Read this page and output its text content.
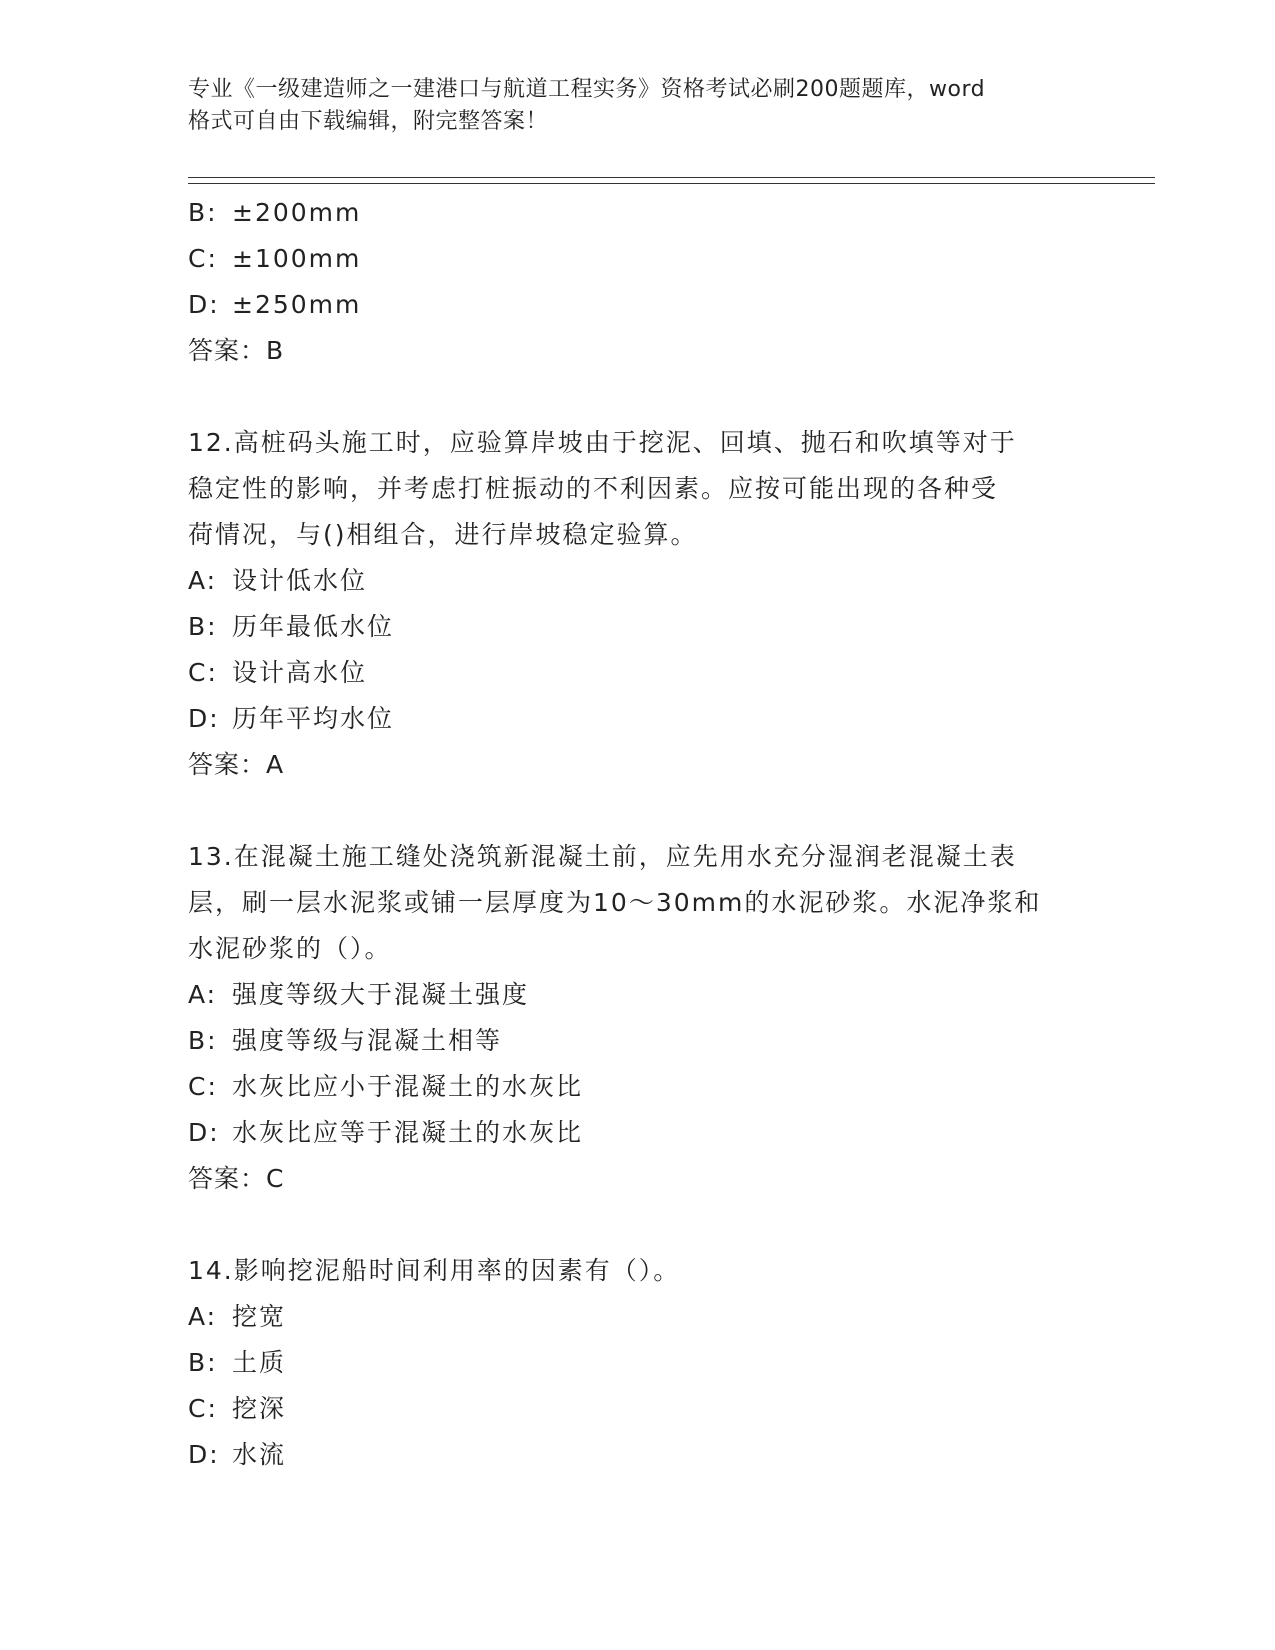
专业《一级建造师之一建港口与航道工程实务》资格考试必刷200题题库，word
格式可自由下载编辑，附完整答案！
B: ±200mm
C: ±100mm
D: ±250mm
答案：B
12.高桩码头施工时，应验算岸坡由于挖泥、回填、抛石和吹填等对于
稳定性的影响，并考虑打桩振动的不利因素。应按可能出现的各种受
荷情况，与()相组合，进行岸坡稳定验算。
A: 设计低水位
B: 历年最低水位
C: 设计高水位
D: 历年平均水位
答案：A
13.在混凝土施工缝处浇筑新混凝土前，应先用水充分湿润老混凝土表
层，刷一层水泥浆或铺一层厚度为10～30mm的水泥砂浆。水泥净浆和
水泥砂浆的（）。
A: 强度等级大于混凝土强度
B: 强度等级与混凝土相等
C: 水灰比应小于混凝土的水灰比
D: 水灰比应等于混凝土的水灰比
答案：C
14.影响挖泥船时间利用率的因素有（）。
A: 挖宽
B: 土质
C: 挖深
D: 水流
